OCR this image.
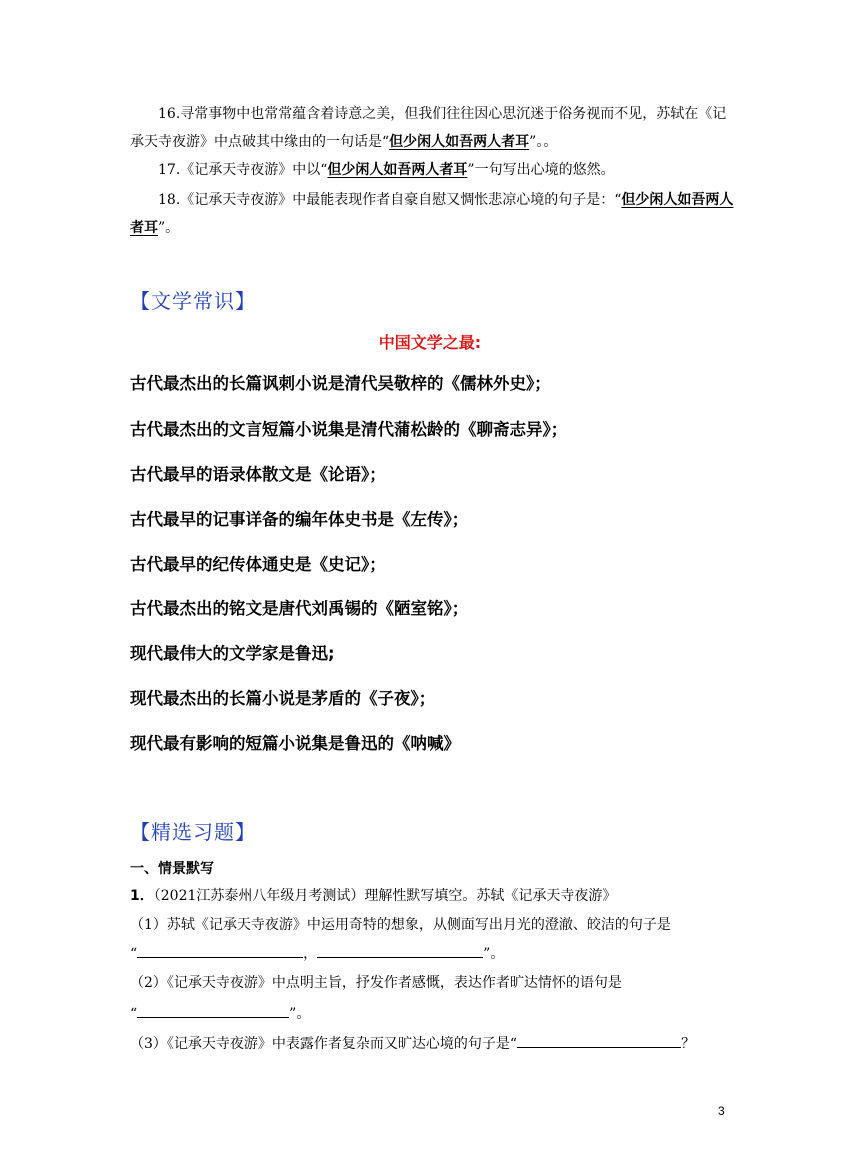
16.寻常事物中也常常蕴含着诗意之美，但我们往往因心思沉迷于俗务视而不见，苏轼在《记承天寺夜游》中点破其中缘由的一句话是“但少闲人如吾两人者耳”。。
17.《记承天寺夜游》中以“但少闲人如吾两人者耳”一句写出心境的悠然。
18.《记承天寺夜游》中最能表现作者自豪自慰又惆怅悲凉心境的句子是：“但少闲人如吾两人者耳”。
【文学常识】
中国文学之最:
古代最杰出的长篇讽刺小说是清代吴敬梓的《儒林外史》；
古代最杰出的文言短篇小说集是清代蒲松龄的《聊斋志异》；
古代最早的语录体散文是《论语》；
古代最早的记事详备的编年体史书是《左传》；
古代最早的纪传体通史是《史记》；
古代最杰出的铭文是唐代刘禹锡的《陋室铭》；
现代最伟大的文学家是鲁迅;
现代最杰出的长篇小说是茅盾的《子夜》；
现代最有影响的短篇小说集是鲁迅的《呐喊》
【精选习题】
一、情景默写
1．（2021江苏泰州八年级月考测试）理解性默写填空。苏轼《记承天寺夜游》
（1）苏轼《记承天寺夜游》中运用奇特的想象，从侧面写出月光的澄澈、皎洁的句子是
“	，	”。
（2）《记承天寺夜游》中点明主旨，抒发作者感慨，表达作者旷达情怀的语句是
“	”。
（3）《记承天寺夜游》中表露作者复杂而又旷达心境的句子是“	？
3
